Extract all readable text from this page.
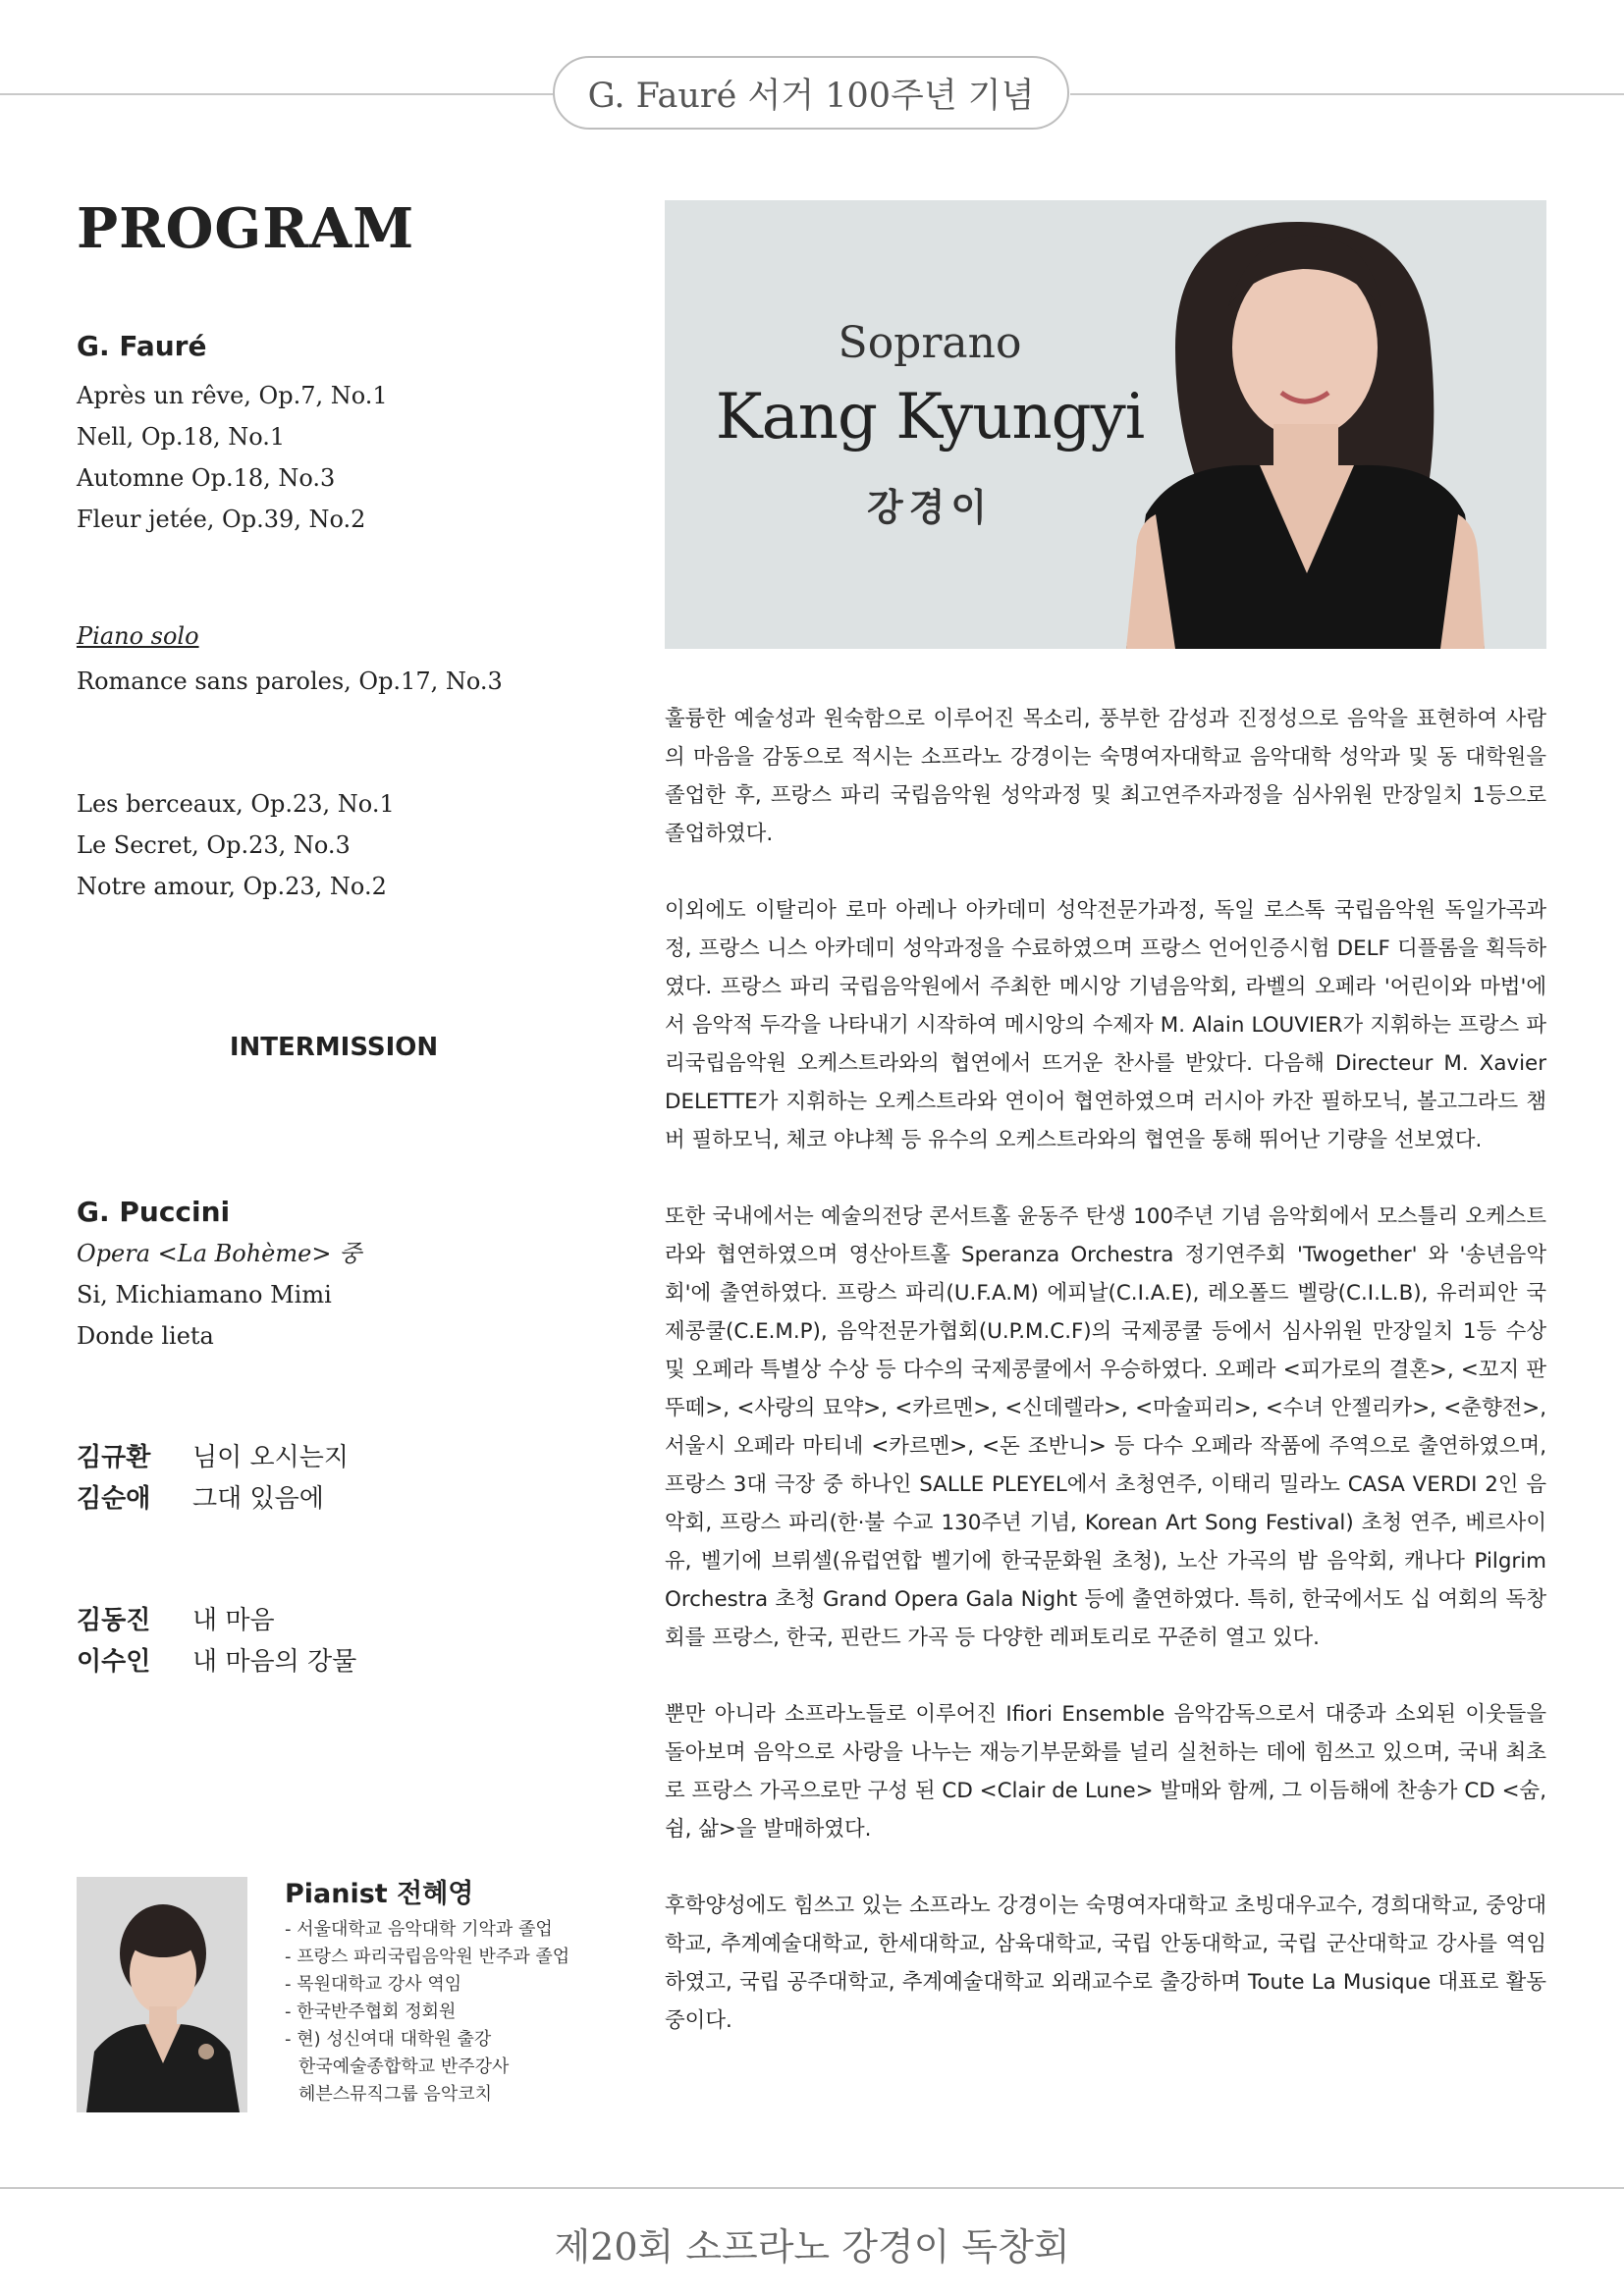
G. Fauré 서거 100주년 기념
PROGRAM
G. Fauré
Après un rêve, Op.7, No.1
Nell, Op.18, No.1
Automne Op.18, No.3
Fleur jetée, Op.39, No.2
Piano solo
Romance sans paroles, Op.17, No.3
Les berceaux, Op.23, No.1
Le Secret, Op.23, No.3
Notre amour, Op.23, No.2
INTERMISSION
G. Puccini
Opera <La Bohème> 중
Si, Michiamano Mimi
Donde lieta
김규환	님이 오시는지
김순애	그대 있음에
김동진	내 마음
이수인	내 마음의 강물
Pianist 전혜영
- 서울대학교 음악대학 기악과 졸업
- 프랑스 파리국립음악원 반주과 졸업
- 목원대학교 강사 역임
- 한국반주협회 정회원
- 현) 성신여대 대학원 출강
한국예술종합학교 반주강사
헤븐스뮤직그룹 음악코치
Soprano
Kang Kyungyi
강경이

훌륭한 예술성과 원숙함으로 이루어진 목소리, 풍부한 감성과 진정성으로 음악을 표현하여 사람의 마음을 감동으로 적시는 소프라노 강경이는 숙명여자대학교 음악대학 성악과 및 동 대학원을 졸업한 후, 프랑스 파리 국립음악원 성악과정 및 최고연주자과정을 심사위원 만장일치 1등으로 졸업하였다.

이외에도 이탈리아 로마 아레나 아카데미 성악전문가과정, 독일 로스톡 국립음악원 독일가곡과정, 프랑스 니스 아카데미 성악과정을 수료하였으며 프랑스 언어인증시험 DELF 디플롬을 획득하였다. 프랑스 파리 국립음악원에서 주최한 메시앙 기념음악회, 라벨의 오페라 '어린이와 마법'에서 음악적 두각을 나타내기 시작하여 메시앙의 수제자 M. Alain LOUVIER가 지휘하는 프랑스 파리국립음악원 오케스트라와의 협연에서 뜨거운 찬사를 받았다. 다음해 Directeur M. Xavier DELETTE가 지휘하는 오케스트라와 연이어 협연하였으며 러시아 카잔 필하모닉, 볼고그라드 챔버 필하모닉, 체코 야냐첵 등 유수의 오케스트라와의 협연을 통해 뛰어난 기량을 선보였다.

또한 국내에서는 예술의전당 콘서트홀 윤동주 탄생 100주년 기념 음악회에서 모스틀리 오케스트라와 협연하였으며 영산아트홀 Speranza Orchestra 정기연주회 'Twogether' 와 '송년음악회'에 출연하였다. 프랑스 파리(U.F.A.M) 에피날(C.I.A.E), 레오폴드 벨랑(C.I.L.B), 유러피안 국제콩쿨(C.E.M.P), 음악전문가협회(U.P.M.C.F)의 국제콩쿨 등에서 심사위원 만장일치 1등 수상 및 오페라 특별상 수상 등 다수의 국제콩쿨에서 우승하였다. 오페라 <피가로의 결혼>, <꼬지 판 뚜떼>, <사랑의 묘약>, <카르멘>, <신데렐라>, <마술피리>, <수녀 안젤리카>, <춘향전>, 서울시 오페라 마티네 <카르멘>, <돈 조반니> 등 다수 오페라 작품에 주역으로 출연하였으며, 프랑스 3대 극장 중 하나인 SALLE PLEYEL에서 초청연주, 이태리 밀라노 CASA VERDI 2인 음악회, 프랑스 파리(한·불 수교 130주년 기념, Korean Art Song Festival) 초청 연주, 베르사이유, 벨기에 브뤼셀(유럽연합 벨기에 한국문화원 초청), 노산 가곡의 밤 음악회, 캐나다 Pilgrim Orchestra 초청 Grand Opera Gala Night 등에 출연하였다. 특히, 한국에서도 십 여회의 독창회를 프랑스, 한국, 핀란드 가곡 등 다양한 레퍼토리로 꾸준히 열고 있다.

뿐만 아니라 소프라노들로 이루어진 Ifiori Ensemble 음악감독으로서 대중과 소외된 이웃들을 돌아보며 음악으로 사랑을 나누는 재능기부문화를 널리 실천하는 데에 힘쓰고 있으며, 국내 최초로 프랑스 가곡으로만 구성 된 CD <Clair de Lune> 발매와 함께, 그 이듬해에 찬송가 CD <숨, 쉼, 삶>을 발매하였다.

후학양성에도 힘쓰고 있는 소프라노 강경이는 숙명여자대학교 초빙대우교수, 경희대학교, 중앙대학교, 추계예술대학교, 한세대학교, 삼육대학교, 국립 안동대학교, 국립 군산대학교 강사를 역임하였고, 국립 공주대학교, 추계예술대학교 외래교수로 출강하며 Toute La Musique 대표로 활동 중이다.

제20회 소프라노 강경이 독창회
